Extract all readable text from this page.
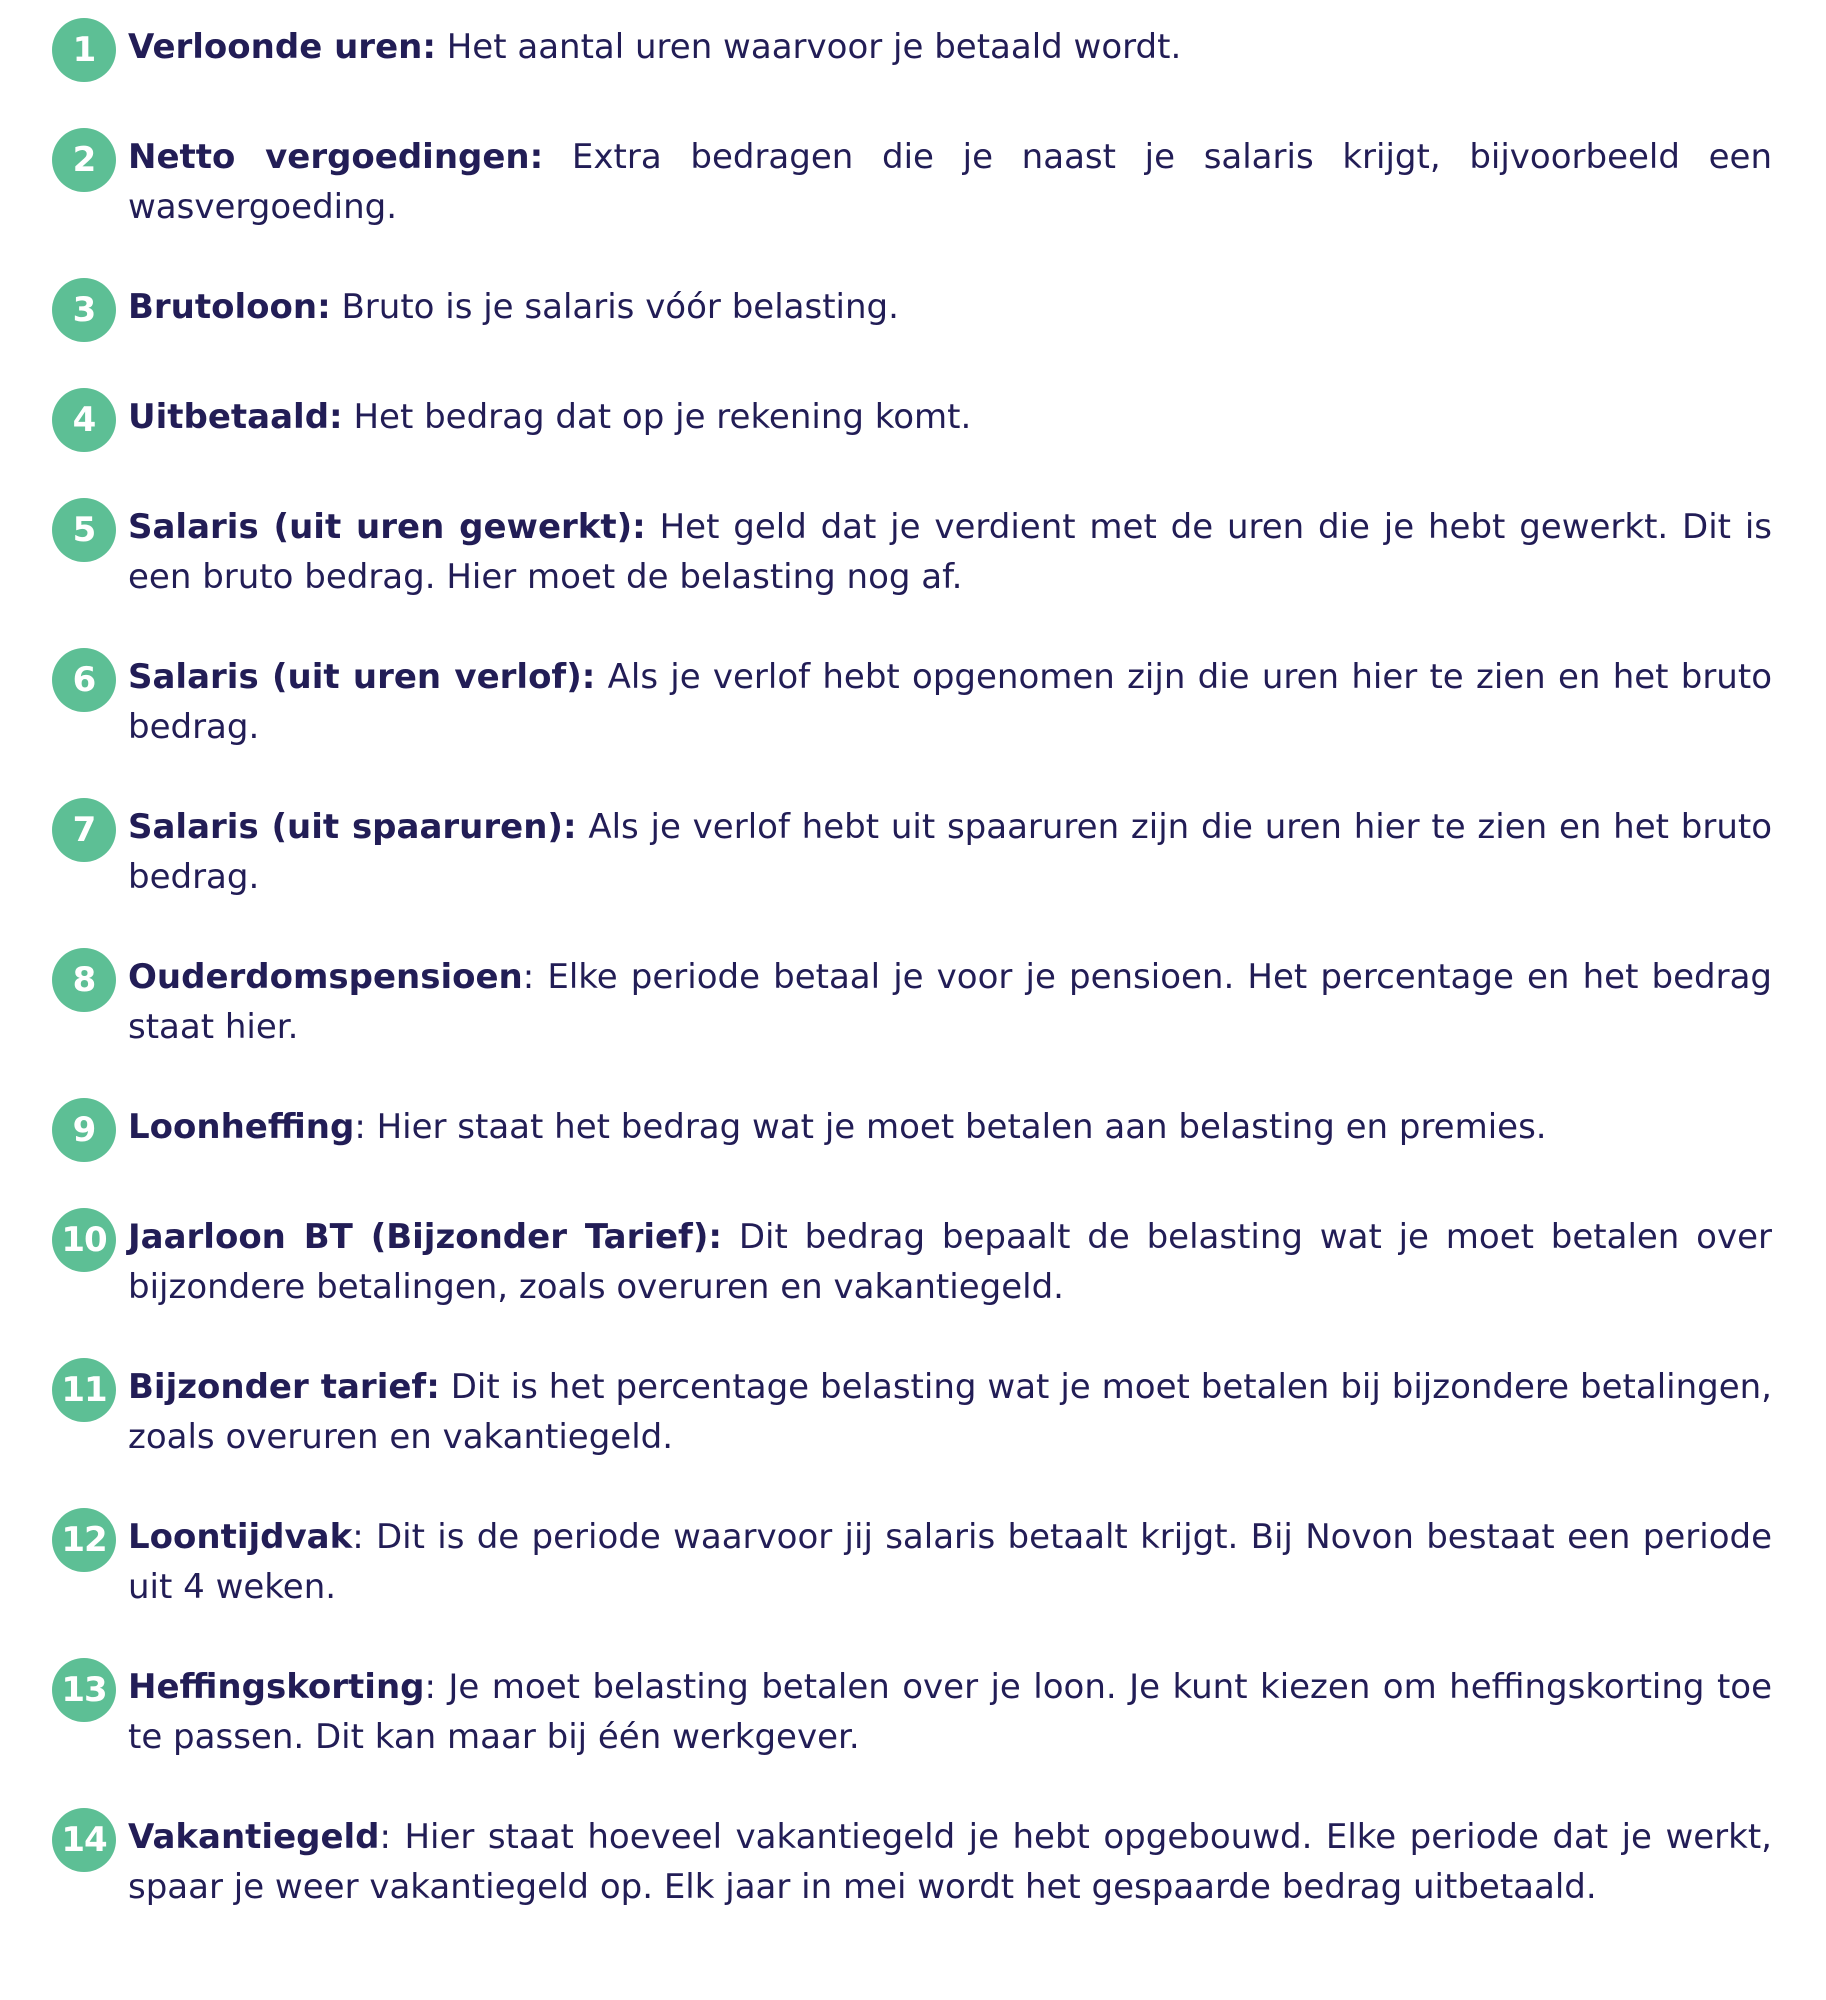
1 Verloonde uren: Het aantal uren waarvoor je betaald wordt.
2 Netto vergoedingen: Extra bedragen die je naast je salaris krijgt, bijvoorbeeld een wasvergoeding.
3 Brutoloon: Bruto is je salaris vóór belasting.
4 Uitbetaald: Het bedrag dat op je rekening komt.
5 Salaris (uit uren gewerkt): Het geld dat je verdient met de uren die je hebt gewerkt. Dit is een bruto bedrag. Hier moet de belasting nog af.
6 Salaris (uit uren verlof): Als je verlof hebt opgenomen zijn die uren hier te zien en het bruto bedrag.
7 Salaris (uit spaaruren): Als je verlof hebt uit spaaruren zijn die uren hier te zien en het bruto bedrag.
8 Ouderdomspensioen: Elke periode betaal je voor je pensioen. Het percentage en het bedrag staat hier.
9 Loonheffing: Hier staat het bedrag wat je moet betalen aan belasting en premies.
10 Jaarloon BT (Bijzonder Tarief): Dit bedrag bepaalt de belasting wat je moet betalen over bijzondere betalingen, zoals overuren en vakantiegeld.
11 Bijzonder tarief: Dit is het percentage belasting wat je moet betalen bij bijzondere betalingen, zoals overuren en vakantiegeld.
12 Loontijdvak: Dit is de periode waarvoor jij salaris betaalt krijgt. Bij Novon bestaat een periode uit 4 weken.
13 Heffingskorting: Je moet belasting betalen over je loon. Je kunt kiezen om heffingskorting toe te passen. Dit kan maar bij één werkgever.
14 Vakantiegeld: Hier staat hoeveel vakantiegeld je hebt opgebouwd. Elke periode dat je werkt, spaar je weer vakantiegeld op. Elk jaar in mei wordt het gespaarde bedrag uitbetaald.
